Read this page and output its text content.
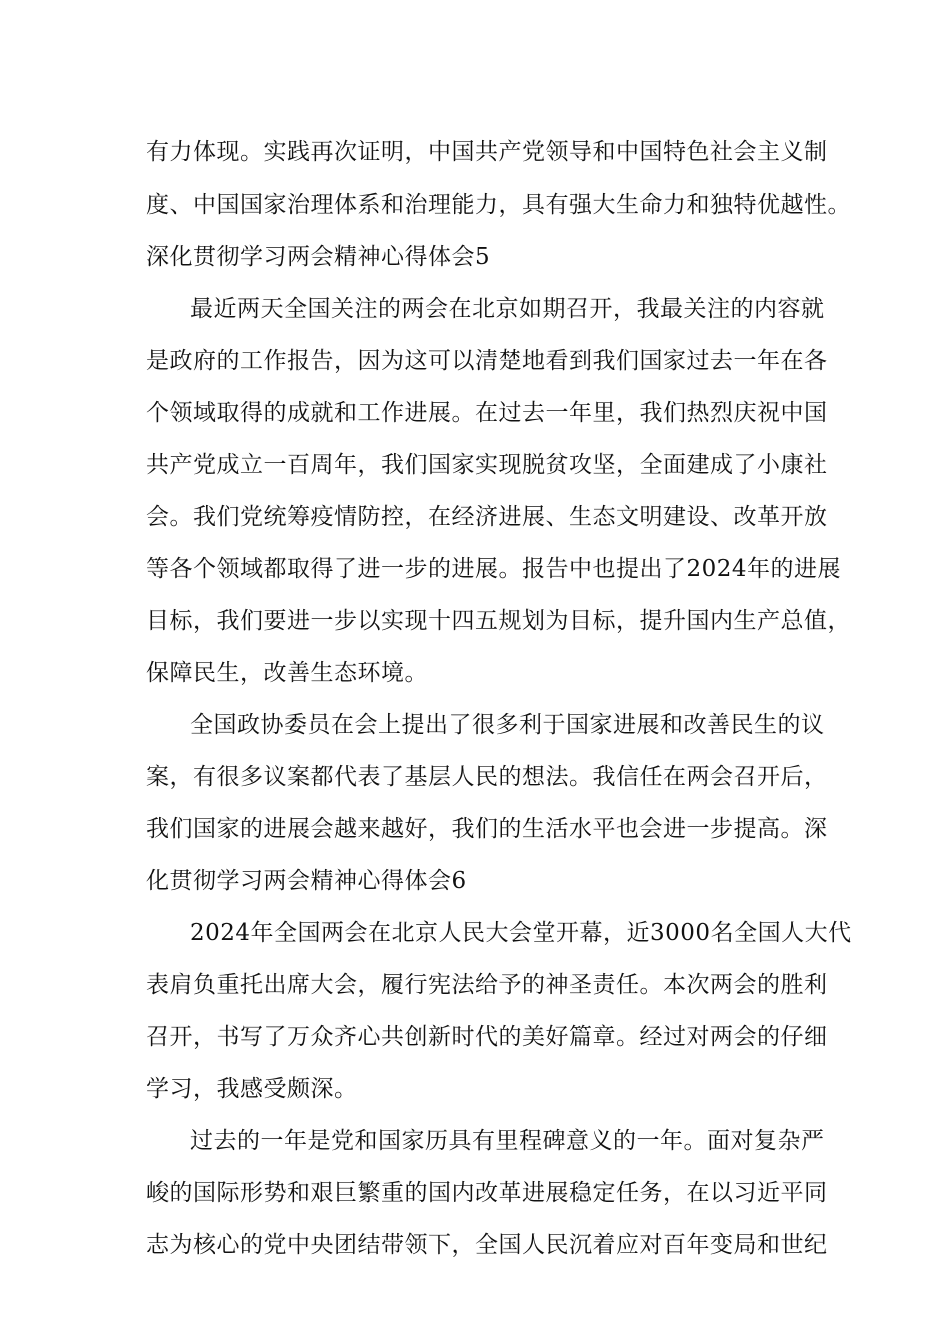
有力体现。实践再次证明，中国共产党领导和中国特色社会主义制
度、中国国家治理体系和治理能力，具有强大生命力和独特优越性。
深化贯彻学习两会精神心得体会5
最近两天全国关注的两会在北京如期召开，我最关注的内容就
是政府的工作报告，因为这可以清楚地看到我们国家过去一年在各
个领域取得的成就和工作进展。在过去一年里，我们热烈庆祝中国
共产党成立一百周年，我们国家实现脱贫攻坚，全面建成了小康社
会。我们党统筹疫情防控，在经济进展、生态文明建设、改革开放
等各个领域都取得了进一步的进展。报告中也提出了2024年的进展
目标，我们要进一步以实现十四五规划为目标，提升国内生产总值，
保障民生，改善生态环境。
全国政协委员在会上提出了很多利于国家进展和改善民生的议
案，有很多议案都代表了基层人民的想法。我信任在两会召开后，
我们国家的进展会越来越好，我们的生活水平也会进一步提高。深
化贯彻学习两会精神心得体会6
2024年全国两会在北京人民大会堂开幕，近3000名全国人大代
表肩负重托出席大会，履行宪法给予的神圣责任。本次两会的胜利
召开，书写了万众齐心共创新时代的美好篇章。经过对两会的仔细
学习，我感受颇深。
过去的一年是党和国家历具有里程碑意义的一年。面对复杂严
峻的国际形势和艰巨繁重的国内改革进展稳定任务，在以习近平同
志为核心的党中央团结带领下，全国人民沉着应对百年变局和世纪
